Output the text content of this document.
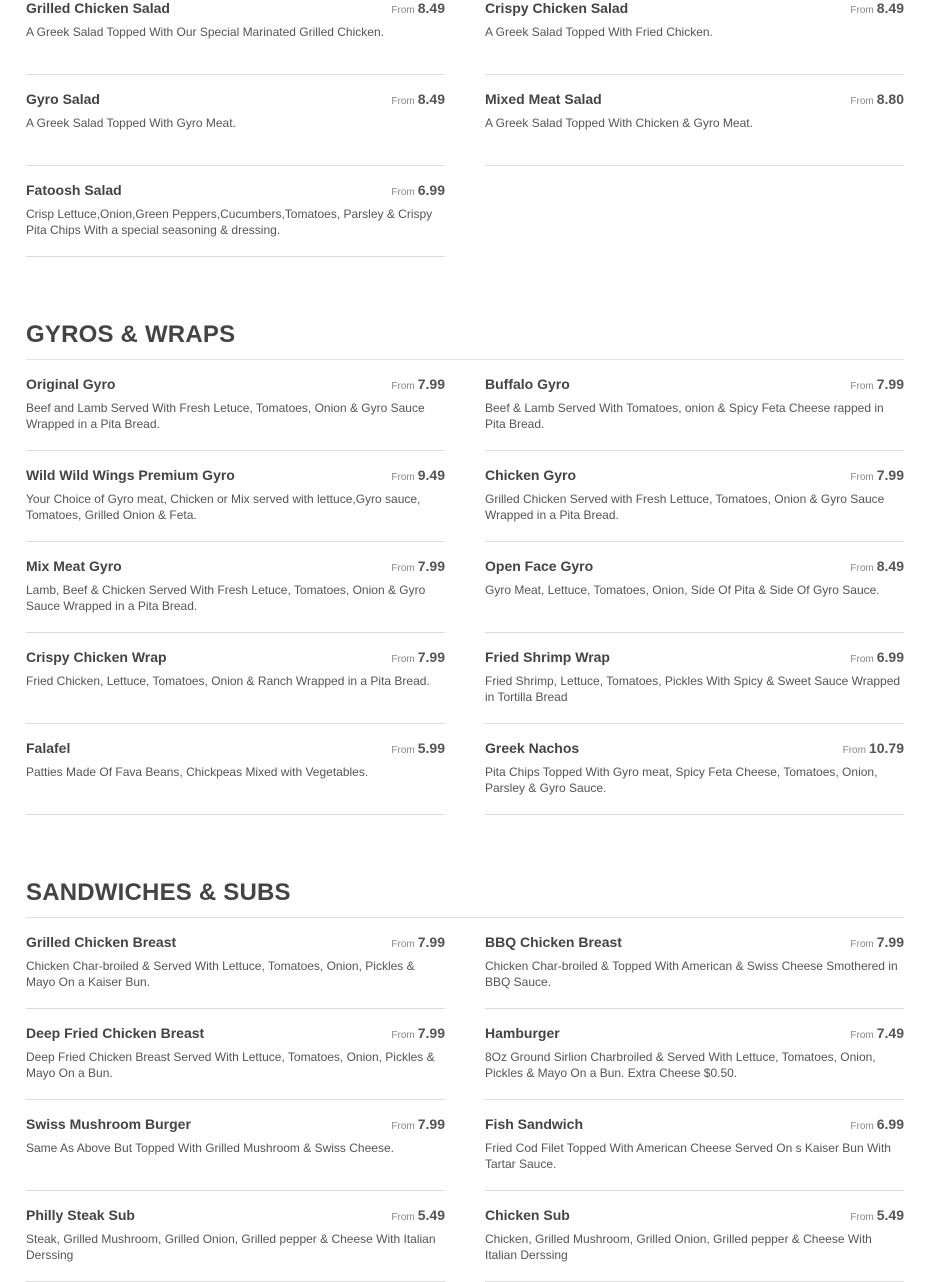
Grilled Chicken Salad	From 8.49
A Greek Salad Topped With Our Special Marinated Grilled Chicken.
Crispy Chicken Salad	From 8.49
A Greek Salad Topped With Fried Chicken.
Gyro Salad	From 8.49
A Greek Salad Topped With Gyro Meat.
Mixed Meat Salad	From 8.80
A Greek Salad Topped With Chicken & Gyro Meat.
Fatoosh Salad	From 6.99
Crisp Lettuce,Onion,Green Peppers,Cucumbers,Tomatoes, Parsley & Crispy Pita Chips With a special seasoning & dressing.
GYROS & WRAPS
Original Gyro	From 7.99
Beef and Lamb Served With Fresh Letuce, Tomatoes, Onion & Gyro Sauce Wrapped in a Pita Bread.
Buffalo Gyro	From 7.99
Beef & Lamb Served With Tomatoes, onion & Spicy Feta Cheese rapped in Pita Bread.
Wild Wild Wings Premium Gyro	From 9.49
Your Choice of Gyro meat, Chicken or Mix served with lettuce,Gyro sauce, Tomatoes, Grilled Onion & Feta.
Chicken Gyro	From 7.99
Grilled Chicken Served with Fresh Lettuce, Tomatoes, Onion & Gyro Sauce Wrapped in a Pita Bread.
Mix Meat Gyro	From 7.99
Lamb, Beef & Chicken Served With Fresh Letuce, Tomatoes, Onion & Gyro Sauce Wrapped in a Pita Bread.
Open Face Gyro	From 8.49
Gyro Meat, Lettuce, Tomatoes, Onion, Side Of Pita & Side Of Gyro Sauce.
Crispy Chicken Wrap	From 7.99
Fried Chicken, Lettuce, Tomatoes, Onion & Ranch Wrapped in a Pita Bread.
Fried Shrimp Wrap	From 6.99
Fried Shrimp, Lettuce, Tomatoes, Pickles With Spicy & Sweet Sauce Wrapped in Tortilla Bread
Falafel	From 5.99
Patties Made Of Fava Beans, Chickpeas Mixed with Vegetables.
Greek Nachos	From 10.79
Pita Chips Topped With Gyro meat, Spicy Feta Cheese, Tomatoes, Onion, Parsley & Gyro Sauce.
SANDWICHES & SUBS
Grilled Chicken Breast	From 7.99
Chicken Char-broiled & Served With Lettuce, Tomatoes, Onion, Pickles & Mayo On a Kaiser Bun.
BBQ Chicken Breast	From 7.99
Chicken Char-broiled & Topped With American & Swiss Cheese Smothered in BBQ Sauce.
Deep Fried Chicken Breast	From 7.99
Deep Fried Chicken Breast Served With Lettuce, Tomatoes, Onion, Pickles & Mayo On a Bun.
Hamburger	From 7.49
8Oz Ground Sirlion Charbroiled & Served With Lettuce, Tomatoes, Onion, Pickles & Mayo On a Bun. Extra Cheese $0.50.
Swiss Mushroom Burger	From 7.99
Same As Above But Topped With Grilled Mushroom & Swiss Cheese.
Fish Sandwich	From 6.99
Fried Cod Filet Topped With American Cheese Served On s Kaiser Bun With Tartar Sauce.
Philly Steak Sub	From 5.49
Steak, Grilled Mushroom, Grilled Onion, Grilled pepper & Cheese With Italian Derssing
Chicken Sub	From 5.49
Chicken, Grilled Mushroom, Grilled Onion, Grilled pepper & Cheese With Italian Derssing
